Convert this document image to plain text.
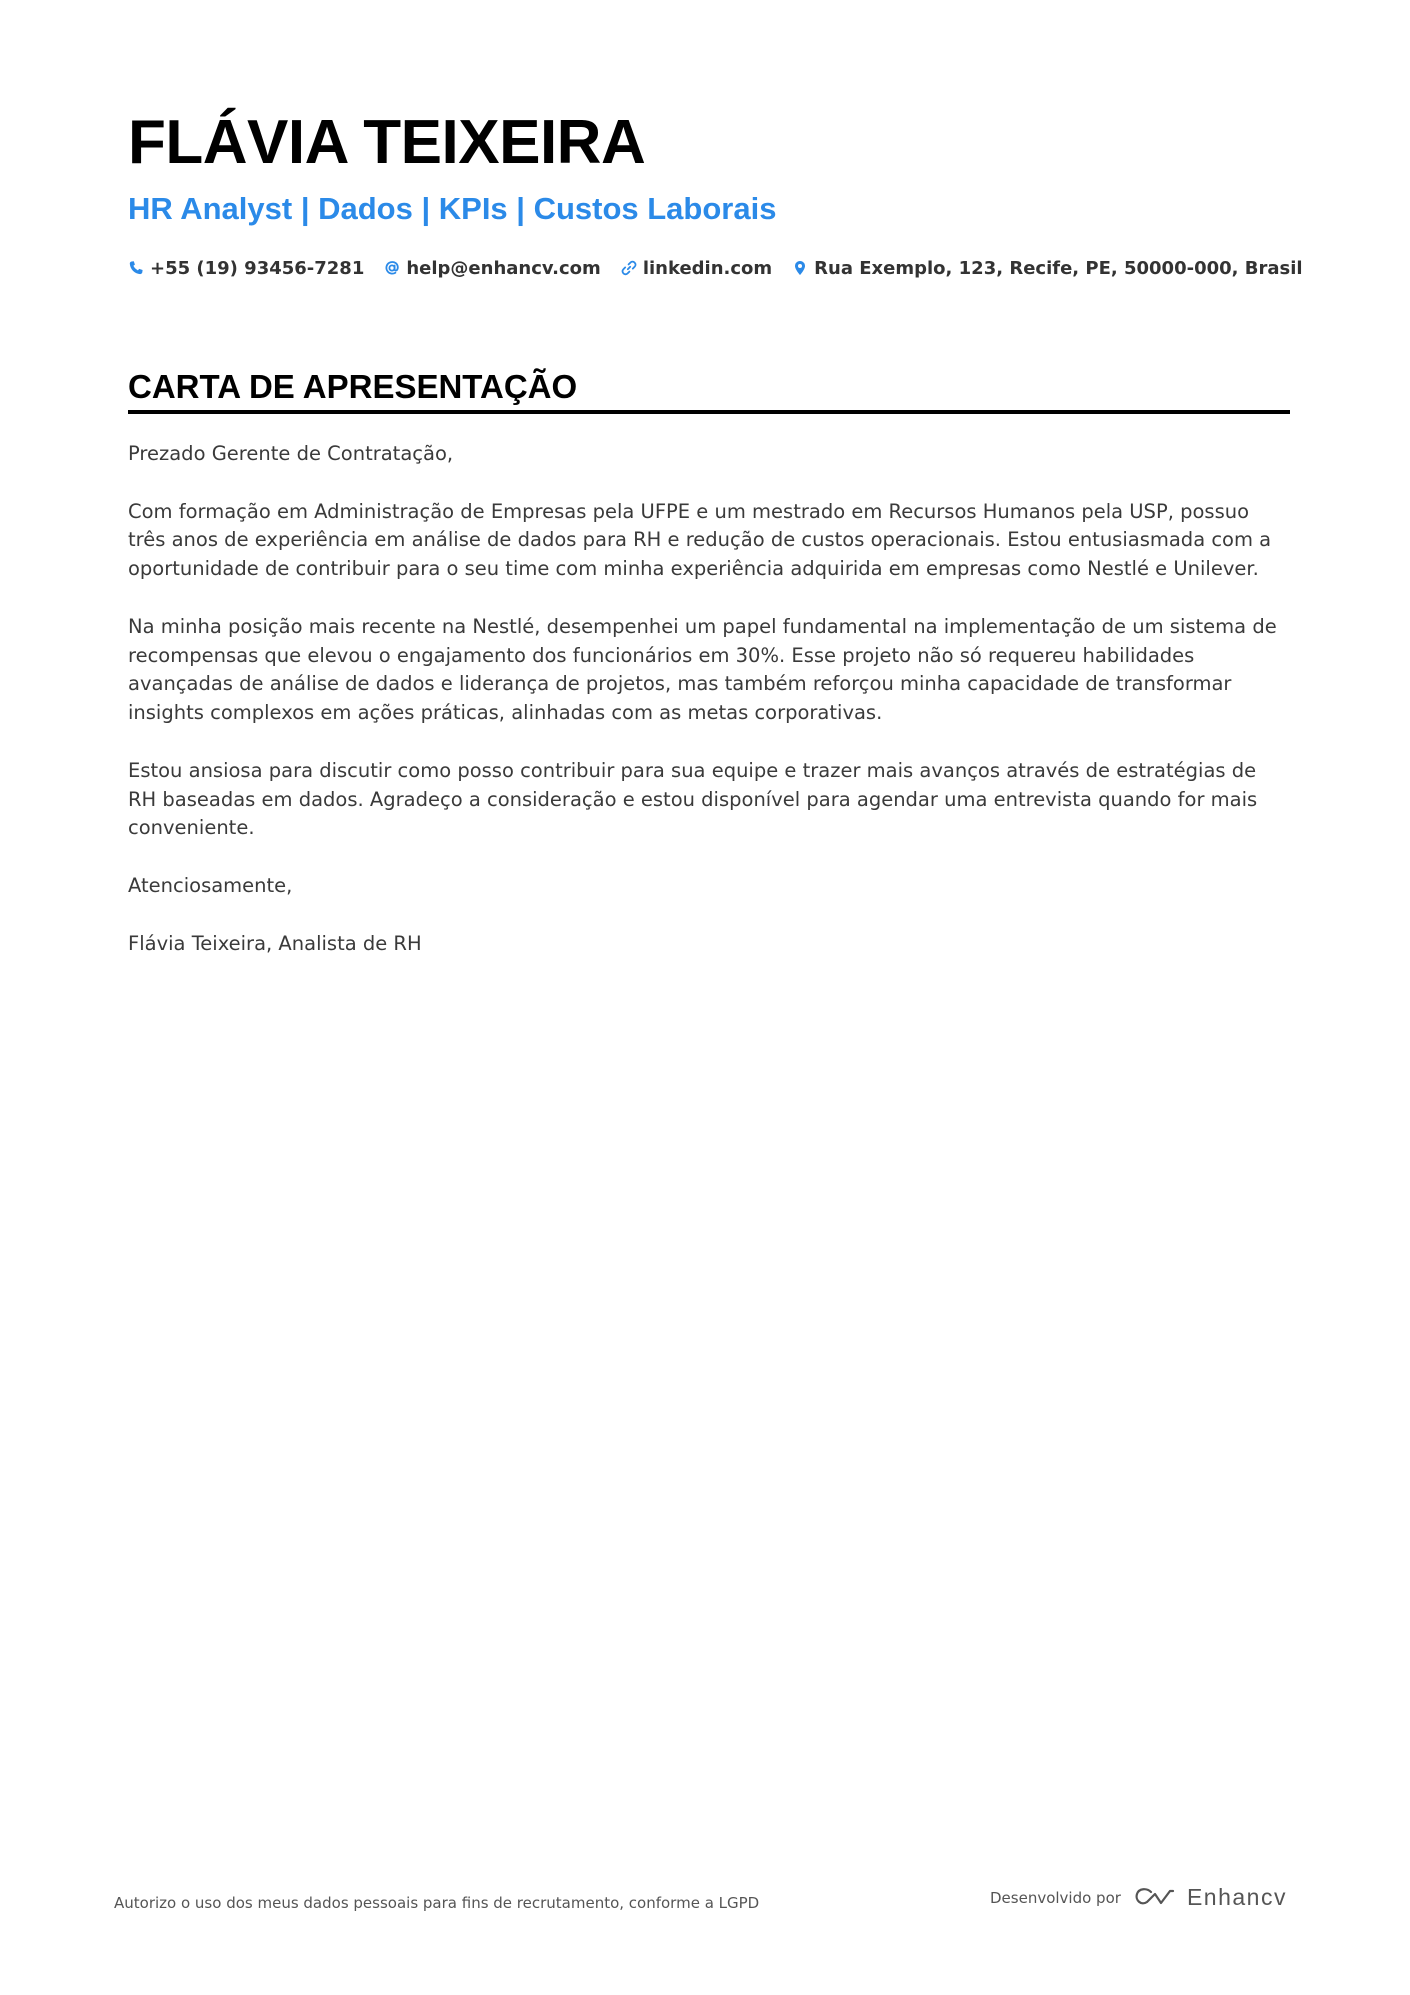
FLÁVIA TEIXEIRA
HR Analyst | Dados | KPIs | Custos Laborais
+55 (19) 93456-7281 help@enhancv.com linkedin.com Rua Exemplo, 123, Recife, PE, 50000-000, Brasil
CARTA DE APRESENTAÇÃO

Prezado Gerente de Contratação,

Com formação em Administração de Empresas pela UFPE e um mestrado em Recursos Humanos pela USP, possuo três anos de experiência em análise de dados para RH e redução de custos operacionais. Estou entusiasmada com a oportunidade de contribuir para o seu time com minha experiência adquirida em empresas como Nestlé e Unilever.

Na minha posição mais recente na Nestlé, desempenhei um papel fundamental na implementação de um sistema de recompensas que elevou o engajamento dos funcionários em 30%. Esse projeto não só requereu habilidades avançadas de análise de dados e liderança de projetos, mas também reforçou minha capacidade de transformar insights complexos em ações práticas, alinhadas com as metas corporativas.

Estou ansiosa para discutir como posso contribuir para sua equipe e trazer mais avanços através de estratégias de RH baseadas em dados. Agradeço a consideração e estou disponível para agendar uma entrevista quando for mais conveniente.

Atenciosamente,

Flávia Teixeira, Analista de RH

Autorizo o uso dos meus dados pessoais para fins de recrutamento, conforme a LGPD	Desenvolvido por	Enhancv
